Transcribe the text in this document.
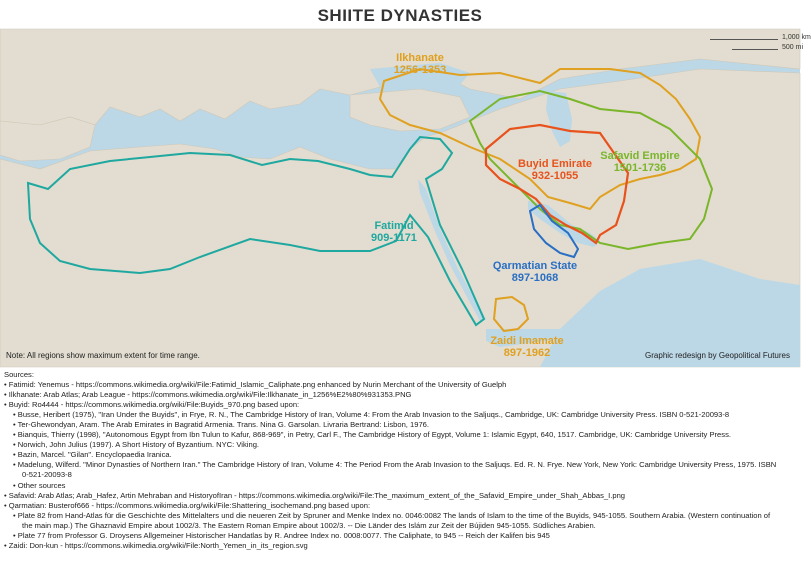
SHIITE DYNASTIES
1,000 km
500 mi
Ilkhanate
1256-1353
Buyid Emirate
932-1055
Safavid Empire
1501-1736
Fatimid
909-1171
Qarmatian State
897-1068
Zaidi Imamate
897-1962
Note: All regions show maximum extent for time range.	Graphic redesign by Geopolitical Futures
Sources:
• Fatimid: Yenemus - https://commons.wikimedia.org/wiki/File:Fatimid_Islamic_Caliphate.png enhanced by Nurin Merchant of the University of Guelph
• Ilkhanate: Arab Atlas; Arab League - https://commons.wikimedia.org/wiki/File:Ilkhanate_in_1256%E2%80%931353.PNG
• Buyid: Ro4444 - https://commons.wikimedia.org/wiki/File:Buyids_970.png based upon:
• Busse, Heribert (1975), "Iran Under the Buyids", in Frye, R. N., The Cambridge History of Iran, Volume 4: From the Arab Invasion to the Saljuqs., Cambridge, UK: Cambridge University Press. ISBN 0-521-20093-8
• Ter-Ghewondyan, Aram. The Arab Emirates in Bagratid Armenia. Trans. Nina G. Garsolan. Livraria Bertrand: Lisbon, 1976.
• Bianquis, Thierry (1998), "Autonomous Egypt from Ibn Tulun to Kafur, 868-969", in Petry, Carl F., The Cambridge History of Egypt, Volume 1: Islamic Egypt, 640, 1517. Cambridge, UK: Cambridge University Press.
• Norwich, John Julius (1997). A Short History of Byzantium. NYC: Viking.
• Bazin, Marcel. "Gilan". Encyclopaedia Iranica.
• Madelung, Wilferd. "Minor Dynasties of Northern Iran." The Cambridge History of Iran, Volume 4: The Period From the Arab Invasion to the Saljuqs. Ed. R. N. Frye. New York, New York: Cambridge University Press, 1975. ISBN
0-521-20093-8
• Other sources
• Safavid: Arab Atlas; Arab_Hafez, Artin Mehraban and HistoryofIran - https://commons.wikimedia.org/wiki/File:The_maximum_extent_of_the_Safavid_Empire_under_Shah_Abbas_I.png
• Qarmatian: Busterof666 - https://commons.wikimedia.org/wiki/File:Shattering_isochemand.png based upon:
• Plate 82 from Hand-Atlas für die Geschichte des Mittelalters und die neueren Zeit by Spruner and Menke Index no. 0046:0082 The lands of Islam to the time of the Buyids, 945-1055. Southern Arabia. (Western continuation of
the main map.) The Ghaznavid Empire about 1002/3. The Eastern Roman Empire about 1002/3. -- Die Länder des Islám zur Zeit der Bújiden 945-1055. Südliches Arabien.
• Plate 77 from Professor G. Droysens Allgemeiner Historischer Handatlas by R. Andree Index no. 0008:0077. The Caliphate, to 945 -- Reich der Kalifen bis 945
• Zaidi: Don-kun - https://commons.wikimedia.org/wiki/File:North_Yemen_in_its_region.svg
